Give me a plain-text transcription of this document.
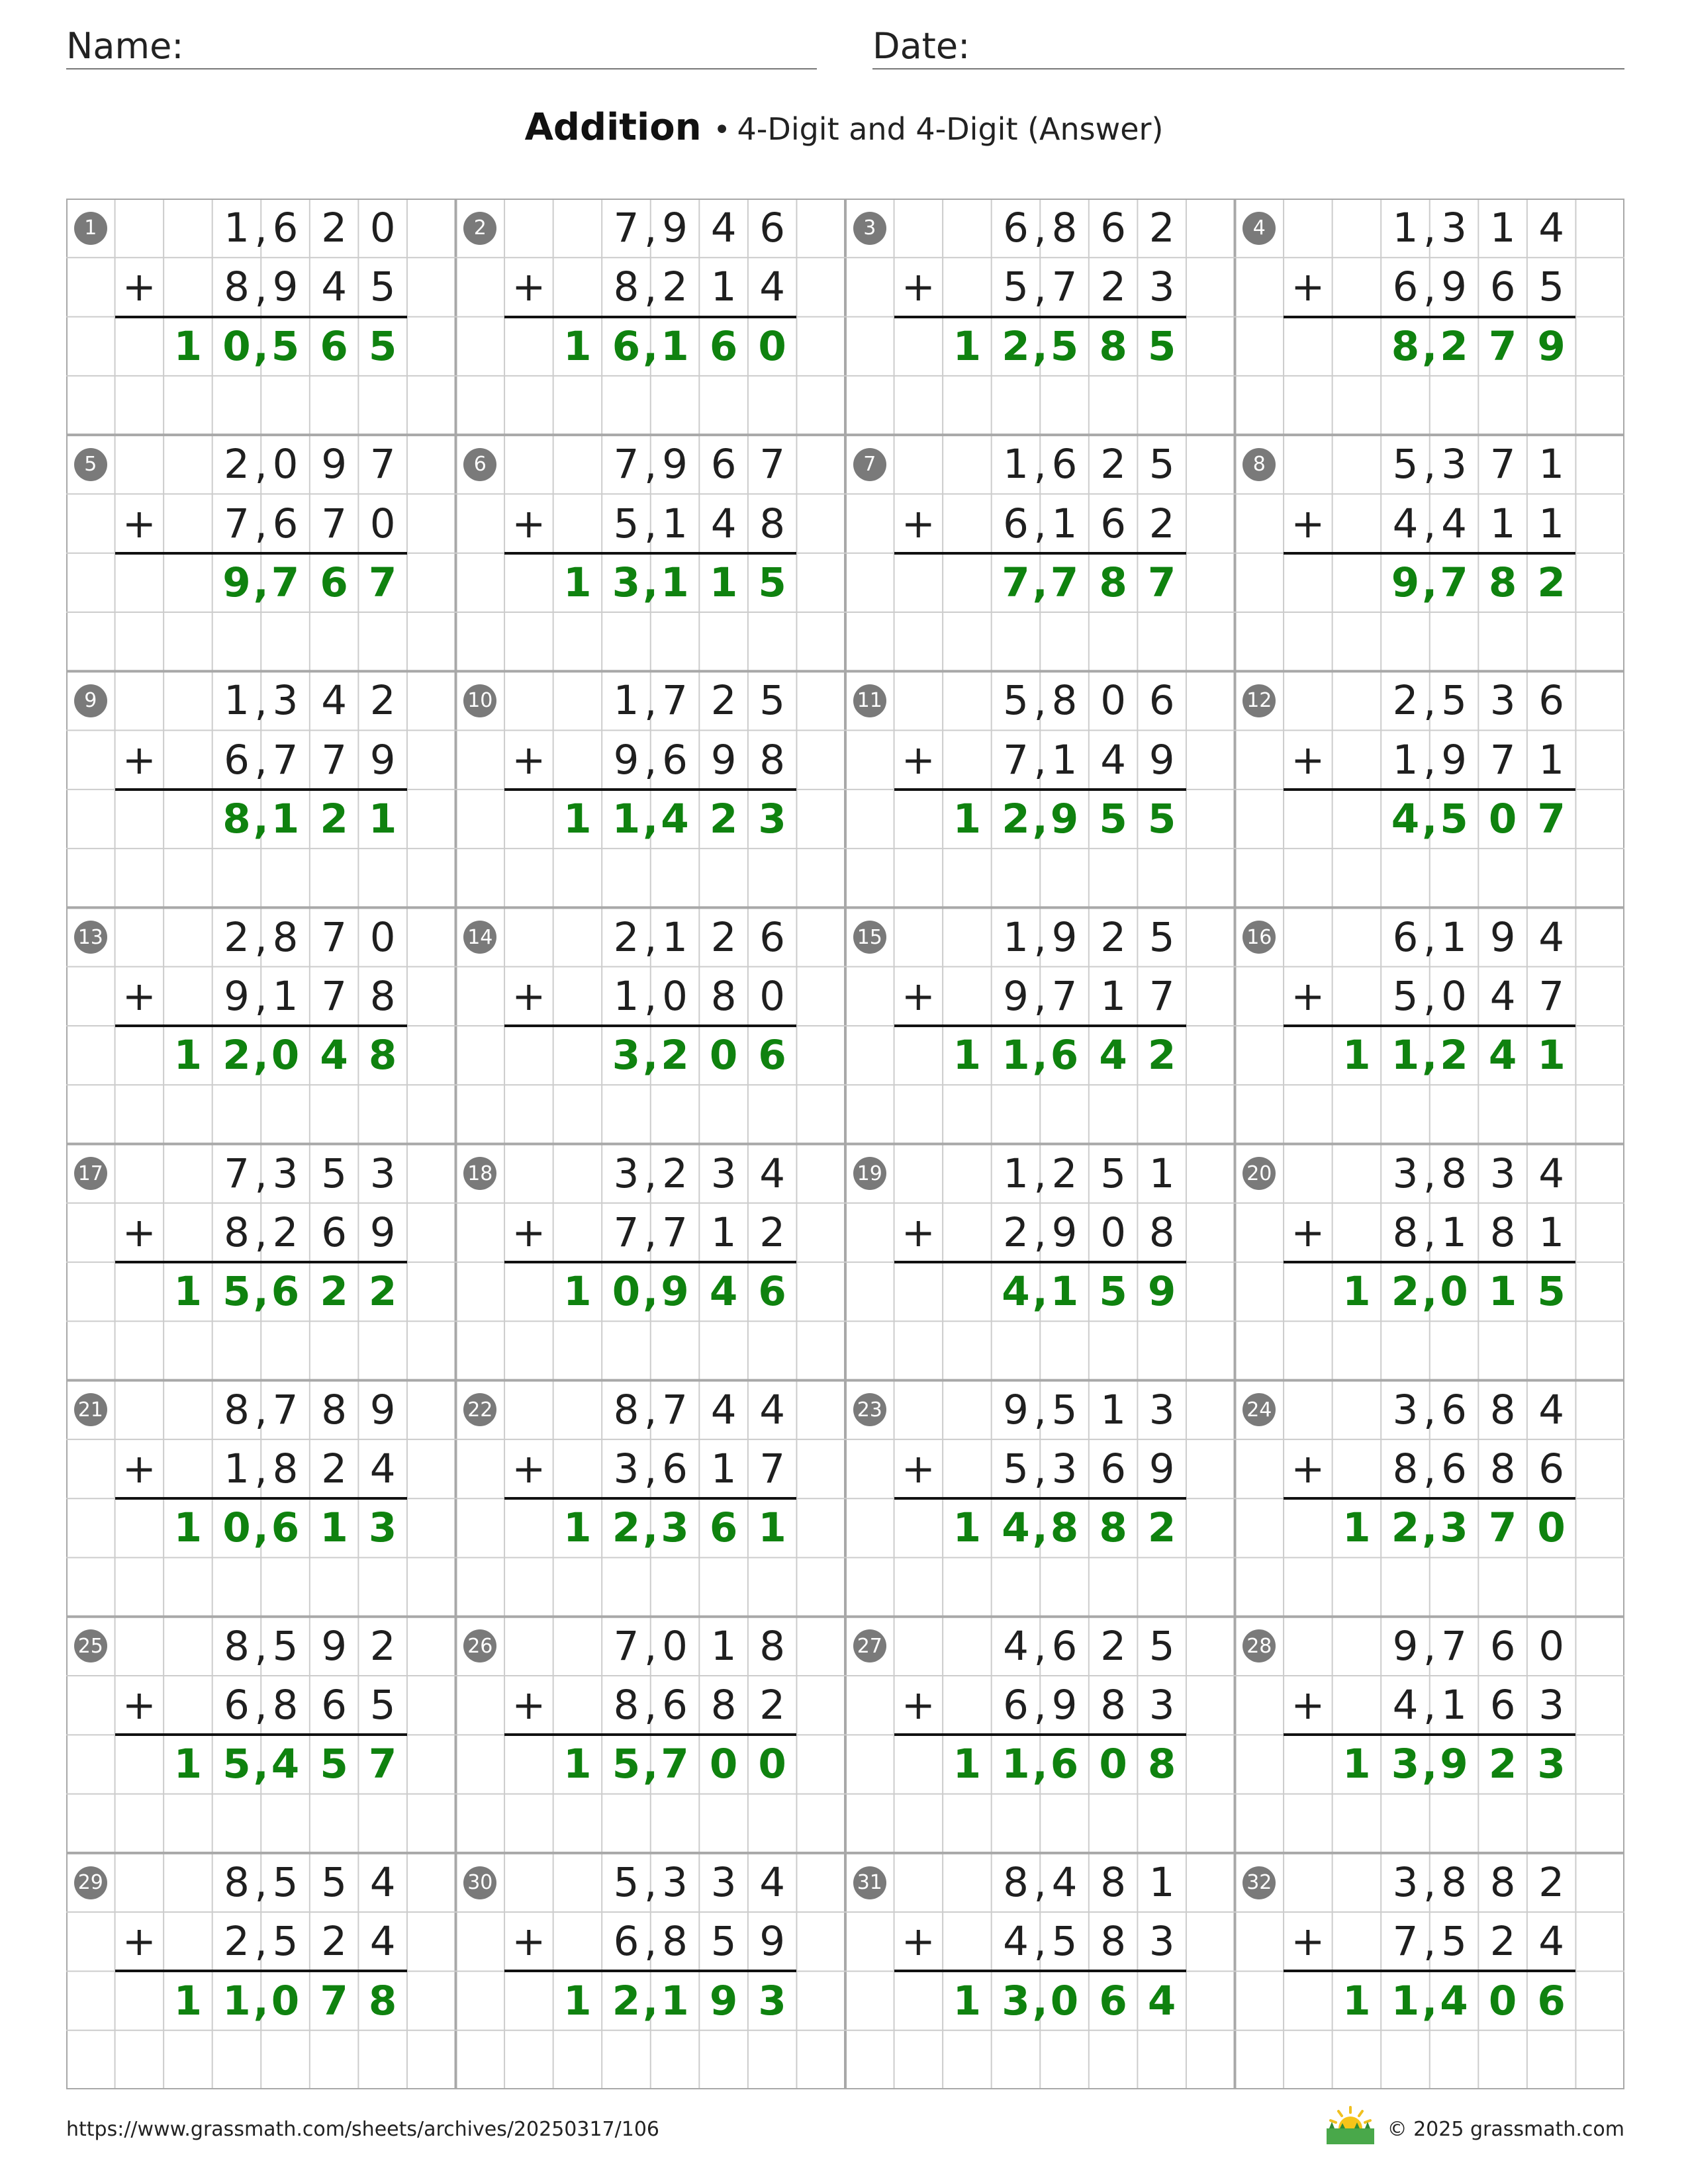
Name:	Date:
Addition • 4-Digit and 4-Digit (Answer)
1	1 6 2 0
,
+ 8 9 4 5
,
1 0 5 6 5
,
2	7 9 4 6
,
+ 8 2 1 4
,
1 6 1 6 0
,
3	6 8 6 2
,
+ 5 7 2 3
,
1 2 5 8 5
,
4	1 3 1 4
,
+ 6 9 6 5
,
8 2 7 9
,
5	2 0 9 7
,
+ 7 6 7 0
,
9 7 6 7
,
6	7 9 6 7
,
+ 5 1 4 8
,
1 3 1 1 5
,
7	1 6 2 5
,
+ 6 1 6 2
,
7 7 8 7
,
8	5 3 7 1
,
+ 4 4 1 1
,
9 7 8 2
,
9	1 3 4 2
,
+ 6 7 7 9
,
8 1 2 1
,
10	1 7 2 5
,
+ 9 6 9 8
,
1 1 4 2 3
,
11	5 8 0 6
,
+ 7 1 4 9
,
1 2 9 5 5
,
12	2 5 3 6
,
+ 1 9 7 1
,
4 5 0 7
,
13	2 8 7 0
,
+ 9 1 7 8
,
1 2 0 4 8
,
14	2 1 2 6
,
+ 1 0 8 0
,
3 2 0 6
,
15	1 9 2 5
,
+ 9 7 1 7
,
1 1 6 4 2
,
16	6 1 9 4
,
+ 5 0 4 7
,
1 1 2 4 1
,
17	7 3 5 3
,
+ 8 2 6 9
,
1 5 6 2 2
,
18	3 2 3 4
,
+ 7 7 1 2
,
1 0 9 4 6
,
19	1 2 5 1
,
+ 2 9 0 8
,
4 1 5 9
,
20	3 8 3 4
,
+ 8 1 8 1
,
1 2 0 1 5
,
21	8 7 8 9
,
+ 1 8 2 4
,
1 0 6 1 3
,
22	8 7 4 4
,
+ 3 6 1 7
,
1 2 3 6 1
,
23	9 5 1 3
,
+ 5 3 6 9
,
1 4 8 8 2
,
24	3 6 8 4
,
+ 8 6 8 6
,
1 2 3 7 0
,
25	8 5 9 2
,
+ 6 8 6 5
,
1 5 4 5 7
,
26	7 0 1 8
,
+ 8 6 8 2
,
1 5 7 0 0
,
27	4 6 2 5
,
+ 6 9 8 3
,
1 1 6 0 8
,
28	9 7 6 0
,
+ 4 1 6 3
,
1 3 9 2 3
,
29	8 5 5 4
,
+ 2 5 2 4
,
1 1 0 7 8
,
30	5 3 3 4
,
+ 6 8 5 9
,
1 2 1 9 3
,
31	8 4 8 1
,
+ 4 5 8 3
,
1 3 0 6 4
,
32	3 8 8 2
,
+ 7 5 2 4
,
1 1 4 0 6
,
https://www.grassmath.com/sheets/archives/20250317/106	© 2025 grassmath.com
